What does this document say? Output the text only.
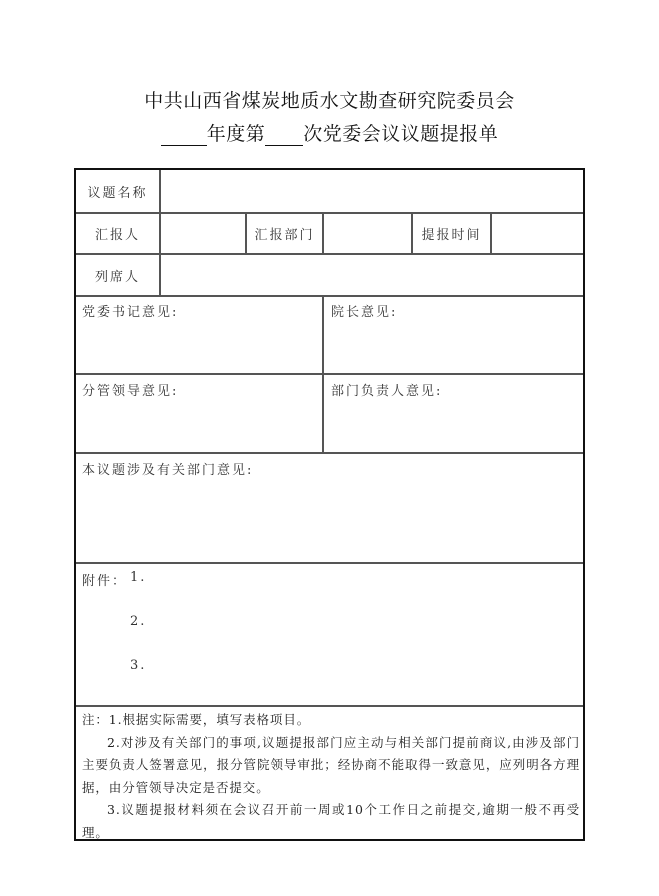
中共山西省煤炭地质水文勘查研究院委员会
年度第 次党委会议议题提报单
议题名称
汇报人	汇报部门	提报时间
列席人
党委书记意见:	院长意见:
分管领导意见:	部门负责人意见:
本议题涉及有关部门意见:
附件： 1.
2.
3.
注：1.根据实际需要，填写表格项目。
2.对涉及有关部门的事项,议题提报部门应主动与相关部门提前商议,由涉及部门主要负责人签署意见，报分管院领导审批；经协商不能取得一致意见，应列明各方理据，由分管领导决定是否提交。
3.议题提报材料须在会议召开前一周或10个工作日之前提交,逾期一般不再受理。
